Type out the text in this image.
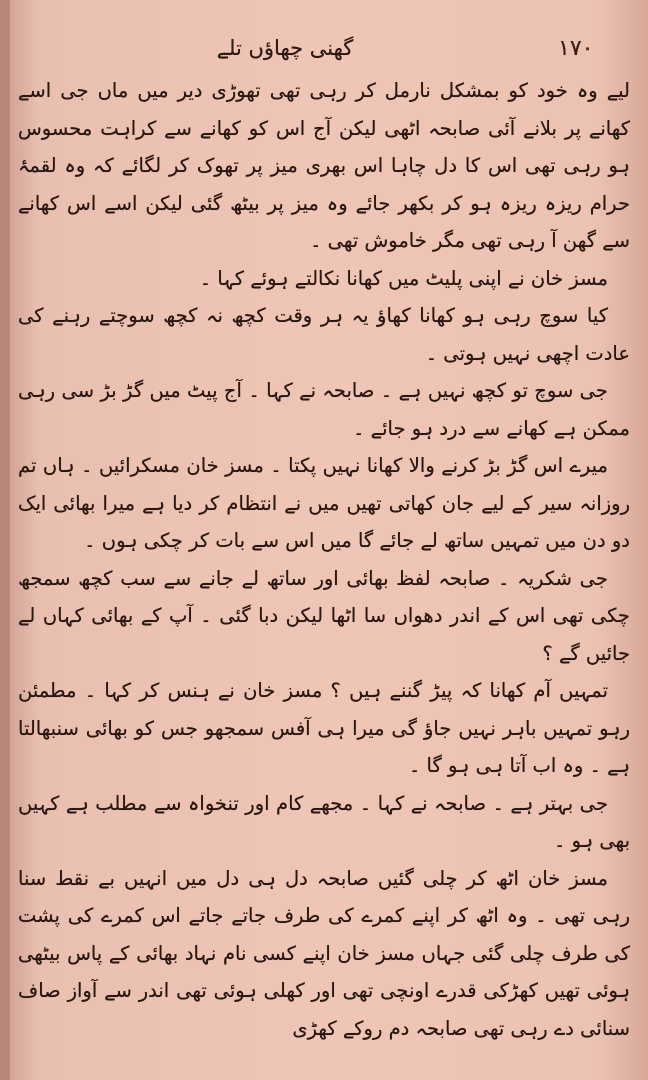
۱۷۰
گھنی چھاؤں تلے

لیے وہ خود کو بمشکل نارمل کر رہی تھی تھوڑی دیر میں ماں جی اسے کھانے پر بلانے آئی صابحہ اٹھی لیکن آج اس کو کھانے سے کراہت محسوس ہو رہی تھی اس کا دل چاہا اس بھری میز پر تھوک کر لگائے کہ وہ لقمۂ حرام ریزہ ریزہ ہو کر بکھر جائے وہ میز پر بیٹھ گئی لیکن اسے اس کھانے سے گھن آ رہی تھی مگر خاموش تھی ۔

مسز خان نے اپنی پلیٹ میں کھانا نکالتے ہوئے کہا ۔

کیا سوچ رہی ہو کھانا کھاؤ یہ ہر وقت کچھ نہ کچھ سوچتے رہنے کی عادت اچھی نہیں ہوتی ۔

جی سوچ تو کچھ نہیں ہے ۔ صابحہ نے کہا ۔ آج پیٹ میں گڑ بڑ سی رہی ممکن ہے کھانے سے درد ہو جائے ۔

میرے اس گڑ بڑ کرنے والا کھانا نہیں پکتا ۔ مسز خان مسکرائیں ۔ ہاں تم روزانہ سیر کے لیے جان کھاتی تھیں میں نے انتظام کر دیا ہے میرا بھائی ایک دو دن میں تمہیں ساتھ لے جائے گا میں اس سے بات کر چکی ہوں ۔

جی شکریہ ۔ صابحہ لفظ بھائی اور ساتھ لے جانے سے سب کچھ سمجھ چکی تھی اس کے اندر دھواں سا اٹھا لیکن دبا گئی ۔ آپ کے بھائی کہاں لے جائیں گے ؟

تمہیں آم کھانا کہ پیڑ گننے ہیں ؟ مسز خان نے ہنس کر کہا ۔ مطمئن رہو تمہیں باہر نہیں جاؤ گی میرا ہی آفس سمجھو جس کو بھائی سنبھالتا ہے ۔ وہ اب آتا ہی ہو گا ۔

جی بہتر ہے ۔ صابحہ نے کہا ۔ مجھے کام اور تنخواہ سے مطلب ہے کہیں بھی ہو ۔

مسز خان اٹھ کر چلی گئیں صابحہ دل ہی دل میں انہیں بے نقط سنا رہی تھی ۔ وہ اٹھ کر اپنے کمرے کی طرف جاتے جاتے اس کمرے کی پشت کی طرف چلی گئی جہاں مسز خان اپنے کسی نام نہاد بھائی کے پاس بیٹھی ہوئی تھیں کھڑکی قدرے اونچی تھی اور کھلی ہوئی تھی اندر سے آواز صاف سنائی دے رہی تھی صابحہ دم روکے کھڑی
